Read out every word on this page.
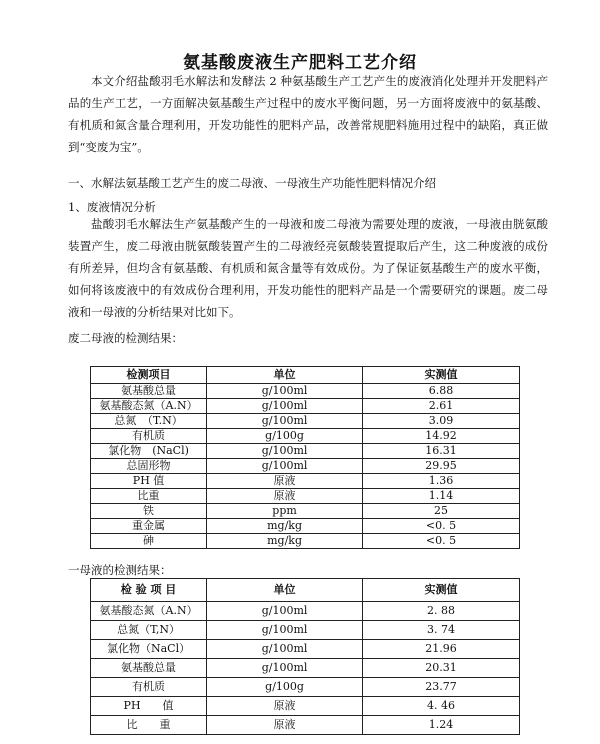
氨基酸废液生产肥料工艺介绍

本文介绍盐酸羽毛水解法和发酵法 2 种氨基酸生产工艺产生的废液消化处理并开发肥料产品的生产工艺，一方面解决氨基酸生产过程中的废水平衡问题，另一方面将废液中的氨基酸、有机质和氮含量合理利用，开发功能性的肥料产品，改善常规肥料施用过程中的缺陷，真正做到“变废为宝”。

一、水解法氨基酸工艺产生的废二母液、一母液生产功能性肥料情况介绍
1、废液情况分析

盐酸羽毛水解法生产氨基酸产生的一母液和废二母液为需要处理的废液，一母液由胱氨酸装置产生，废二母液由胱氨酸装置产生的二母液经亮氨酸装置提取后产生，这二种废液的成份有所差异，但均含有氨基酸、有机质和氮含量等有效成份。为了保证氨基酸生产的废水平衡，如何将该废液中的有效成份合理利用，开发功能性的肥料产品是一个需要研究的课题。废二母液和一母液的分析结果对比如下。

废二母液的检测结果：
检测项目	单位	实测值
氨基酸总量	g/100ml	6.88
氨基酸态氮（A.N）	g/100ml	2.61
总氮　（T.N）	g/100ml	3.09
有机质	g/100g	14.92
氯化物　(NaCl)	g/100ml	16.31
总固形物	g/100ml	29.95
PH 值	原液	1.36
比重	原液	1.14
铁	ppm	25
重金属	mg/kg	<0. 5
砷	mg/kg	<0. 5
一母液的检测结果：
检 验 项 目	单位	实测值
氨基酸态氮（A.N）	g/100ml	2. 88
总氮（T,N）	g/100ml	3. 74
氯化物（NaCl）	g/100ml	21.96
氨基酸总量	g/100ml	20.31
有机质	g/100g	23.77
PH　　值	原液	4. 46
比　　重	原液	1.24
